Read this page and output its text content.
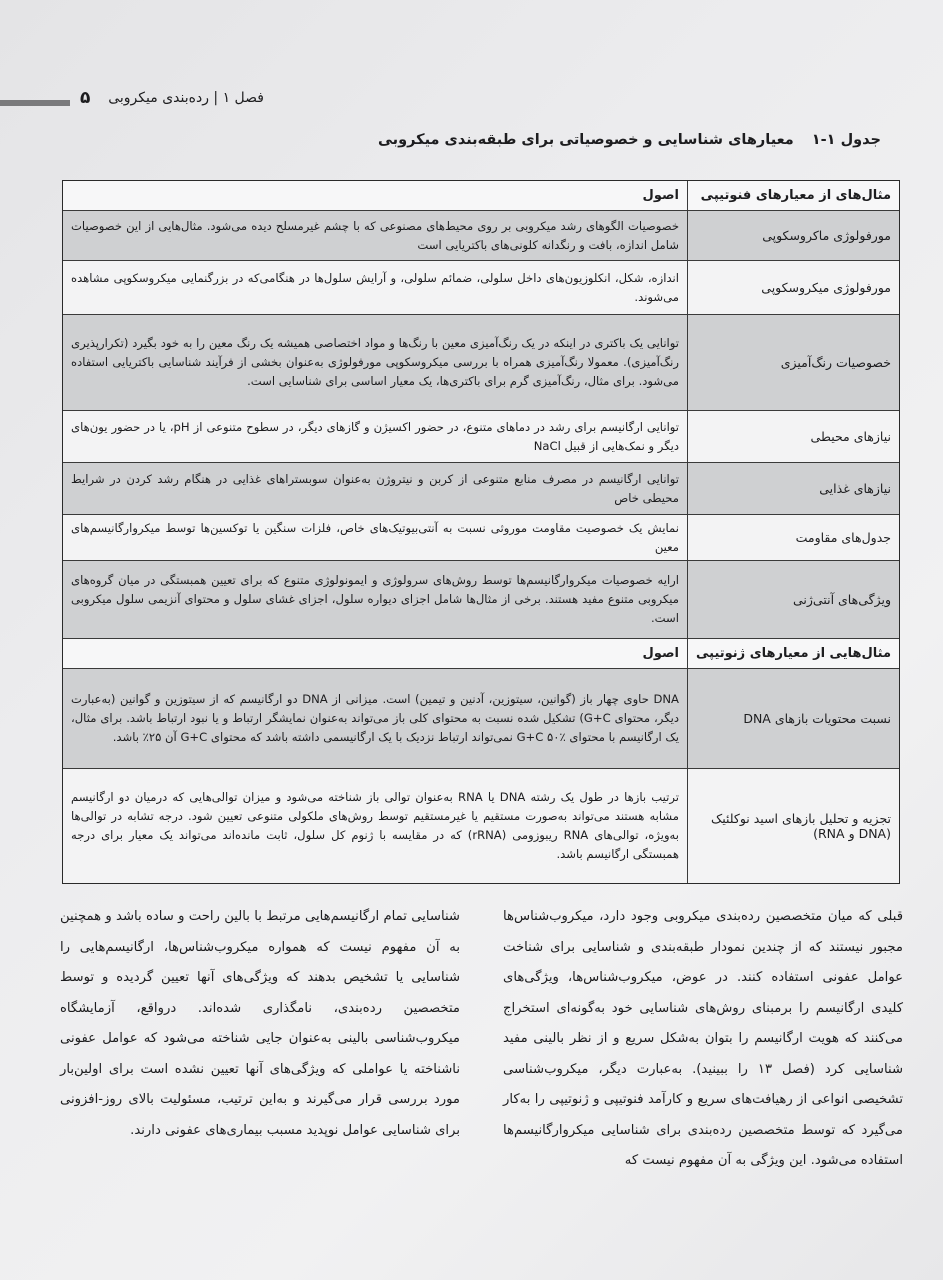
۵	فصل ۱ | رده‌بندی میکروبی
جدول ۱-۱معیارهای شناسایی و خصوصیاتی برای طبقه‌بندی میکروبی
مثال‌های از معیارهای فنوتیپی
اصول
مورفولوژی ماکروسکوپی
خصوصیات الگوهای رشد میکروبی بر روی محیط‌های مصنوعی که با چشم غیرمسلح دیده می‌شود. مثال‌هایی از این خصوصیات شامل اندازه، بافت و رنگدانه کلونی‌های باکتریایی است
مورفولوژی میکروسکوپی
اندازه، شکل، انکلوزیون‌های داخل سلولی، ضمائم سلولی، و آرایش سلول‌ها در هنگامی‌که در بزرگنمایی میکروسکوپی مشاهده می‌شوند.
خصوصیات رنگ‌آمیزی
توانایی یک باکتری در اینکه در یک رنگ‌آمیزی معین با رنگ‌ها و مواد اختصاصی همیشه یک رنگ معین را به خود بگیرد (تکرار‌پذیری رنگ‌آمیزی). معمولا رنگ‌آمیزی همراه با بررسی میکروسکوپی مورفولوژی به‌عنوان بخشی از فرآیند شناسایی باکتریایی استفاده می‌شود. برای مثال، رنگ‌آمیزی گرم برای باکتری‌ها، یک معیار اساسی برای شناسایی است.
نیازهای محیطی
توانایی ارگانیسم برای رشد در دماهای متنوع، در حضور اکسیژن و گازهای دیگر، در سطوح متنوعی از pH، یا در حضور یون‌های دیگر و نمک‌هایی از قبیل NaCl
نیازهای غذایی
توانایی ارگانیسم در مصرف منابع متنوعی از کربن و نیتروژن به‌عنوان سوبستراهای غذایی در هنگام رشد کردن در شرایط محیطی خاص
جدول‌های مقاومت
نمایش یک خصوصیت مقاومت موروثی نسبت به آنتی‌بیوتیک‌های خاص، فلزات سنگین یا توکسین‌ها توسط میکروارگانیسم‌های معین
ویژگی‌های آنتی‌ژنی
ارایه خصوصیات میکروارگانیسم‌ها توسط روش‌های سرولوژی و ایمونولوژی متنوع که برای تعیین همبستگی در میان گروه‌های میکروبی متنوع مفید هستند. برخی از مثال‌ها شامل اجزای دیواره سلول، اجزای غشای سلول و محتوای آنزیمی سلول میکروبی است.
مثال‌هایی از معیارهای ژنوتیپی
اصول
نسبت محتویات بازهای DNA
DNA حاوی چهار باز (گوانین، سیتوزین، آدنین و تیمین) است. میزانی از DNA دو ارگانیسم که از سیتوزین و گوانین (به‌عبارت دیگر، محتوای G+C) تشکیل شده نسبت به محتوای کلی باز می‌تواند به‌عنوان نمایشگر ارتباط و یا نبود ارتباط باشد. برای مثال، یک ارگانیسم با محتوای G+C ۵۰٪ نمی‌تواند ارتباط نزدیک با یک ارگانیسمی داشته باشد که محتوای G+C آن ۲۵٪ باشد.
تجزیه و تحلیل بازهای اسید نوکلئیک (DNA و RNA)
ترتیب بازها در طول یک رشته DNA یا RNA به‌عنوان توالی باز شناخته می‌شود و میزان توالی‌هایی که درمیان دو ارگانیسم مشابه هستند می‌تواند به‌صورت مستقیم یا غیرمستقیم توسط روش‌های ملکولی متنوعی تعیین شود. درجه تشابه در توالی‌ها به‌ویژه، توالی‌های RNA ریبوزومی (rRNA) که در مقایسه با ژنوم کل سلول، ثابت مانده‌اند می‌تواند یک معیار برای درجه همبستگی ارگانیسم باشد.
قبلی که میان متخصصین رده‌بندی میکروبی وجود دارد، میکروب‌شناس‌ها مجبور نیستند که از چندین نمودار طبقه‌بندی و شناسایی برای شناخت عوامل عفونی استفاده کنند. در عوض، میکروب‌شناس‌ها، ویژگی‌های کلیدی ارگانیسم را برمبنای روش‌های شناسایی خود به‌گونه‌ای استخراج می‌کنند که هویت ارگانیسم را بتوان به‌شکل سریع و از نظر بالینی مفید شناسایی کرد (فصل ۱۳ را ببینید). به‌عبارت دیگر، میکروب‌شناسی تشخیصی انواعی از رهیافت‌های سریع و کارآمد فنوتیپی و ژنوتیپی را به‌کار می‌گیرد که توسط متخصصین رده‌بندی برای شناسایی میکروارگانیسم‌ها استفاده می‌شود. این ویژگی به آن مفهوم نیست که
شناسایی تمام ارگانیسم‌هایی مرتبط با بالین راحت و ساده باشد و همچنین به آن مفهوم نیست که همواره میکروب‌شناس‌ها، ارگانیسم‌هایی را شناسایی یا تشخیص بدهند که ویژگی‌های آنها تعیین گردیده و توسط متخصصین رده‌بندی، نامگذاری شده‌اند. درواقع، آزمایشگاه میکروب‌شناسی بالینی به‌عنوان جایی شناخته می‌شود که عوامل عفونی ناشناخته یا عواملی که ویژگی‌های آنها تعیین نشده است برای اولین‌بار مورد بررسی قرار می‌گیرند و به‌این ترتیب، مسئولیت بالای روز-افزونی برای شناسایی عوامل نوپدید مسبب بیماری‌های عفونی دارند.
